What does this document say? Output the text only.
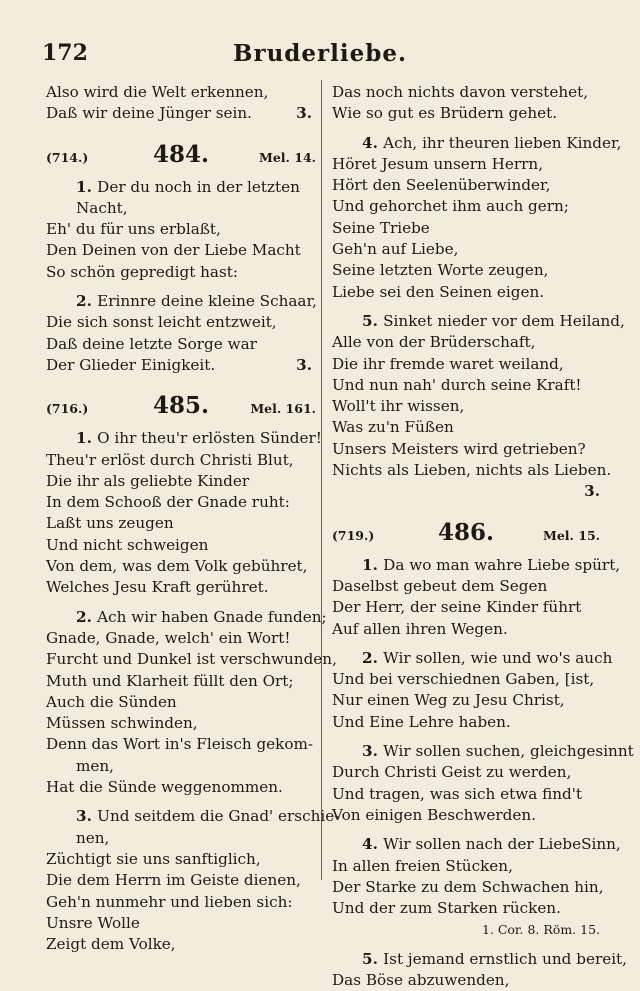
172	Bruderliebe.
Also wird die Welt erkennen,
Daß wir deine Jünger sein.	3.
(714.)	484.	Mel. 14.
1. Der du noch in der letzten
Nacht,
Eh' du für uns erblaßt,
Den Deinen von der Liebe Macht
So schön gepredigt hast:
2. Erinnre deine kleine Schaar,
Die sich sonst leicht entzweit,
Daß deine letzte Sorge war
Der Glieder Einigkeit.	3.
(716.)	485.	Mel. 161.
1. O ihr theu'r erlösten Sünder!
Theu'r erlöst durch Christi Blut,
Die ihr als geliebte Kinder
In dem Schooß der Gnade ruht:
Laßt uns zeugen
Und nicht schweigen
Von dem, was dem Volk gebühret,
Welches Jesu Kraft gerühret.
2. Ach wir haben Gnade funden;
Gnade, Gnade, welch' ein Wort!
Furcht und Dunkel ist verschwunden,
Muth und Klarheit füllt den Ort;
Auch die Sünden
Müssen schwinden,
Denn das Wort in's Fleisch gekom-
men,
Hat die Sünde weggenommen.
3. Und seitdem die Gnad' erschie-
nen,
Züchtigt sie uns sanftiglich,
Die dem Herrn im Geiste dienen,
Geh'n nunmehr und lieben sich:
Unsre Wolle
Zeigt dem Volke,
Das noch nichts davon verstehet,
Wie so gut es Brüdern gehet.
4. Ach, ihr theuren lieben Kinder,
Höret Jesum unsern Herrn,
Hört den Seelenüberwinder,
Und gehorchet ihm auch gern;
Seine Triebe
Geh'n auf Liebe,
Seine letzten Worte zeugen,
Liebe sei den Seinen eigen.
5. Sinket nieder vor dem Heiland,
Alle von der Brüderschaft,
Die ihr fremde waret weiland,
Und nun nah' durch seine Kraft!
Woll't ihr wissen,
Was zu'n Füßen
Unsers Meisters wird getrieben?
Nichts als Lieben, nichts als Lieben.
3.
(719.)	486.	Mel. 15.
1. Da wo man wahre Liebe spürt,
Daselbst gebeut dem Segen
Der Herr, der seine Kinder führt
Auf allen ihren Wegen.
2. Wir sollen, wie und wo's auch
Und bei verschiednen Gaben, [ist,
Nur einen Weg zu Jesu Christ,
Und Eine Lehre haben.
3. Wir sollen suchen, gleichgesinnt
Durch Christi Geist zu werden,
Und tragen, was sich etwa find't
Von einigen Beschwerden.
4. Wir sollen nach der LiebeSinn,
In allen freien Stücken,
Der Starke zu dem Schwachen hin,
Und der zum Starken rücken.
1. Cor. 8. Röm. 15.
5. Ist jemand ernstlich und bereit,
Das Böse abzuwenden,
